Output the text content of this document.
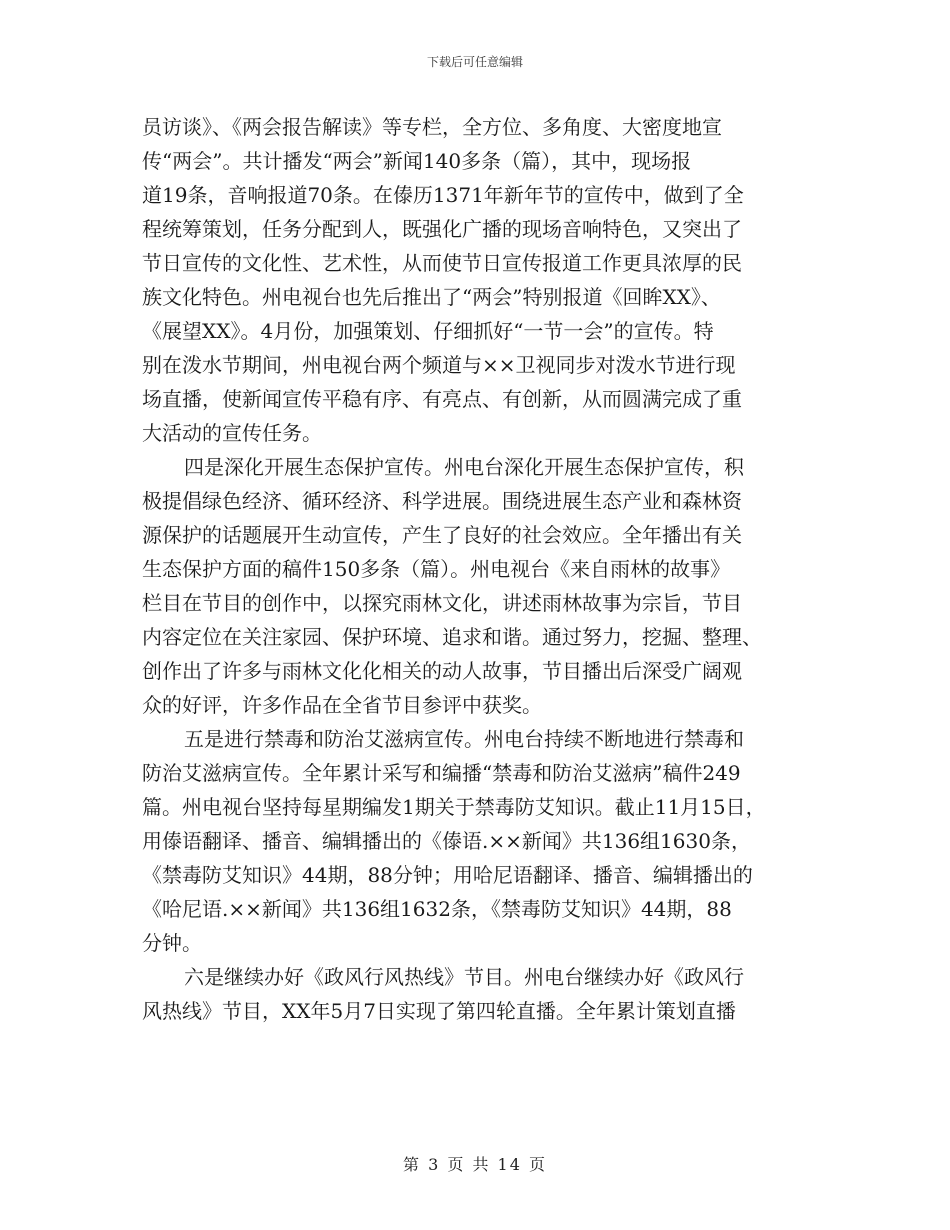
下载后可任意编辑
员访谈》、《两会报告解读》等专栏，全方位、多角度、大密度地宣
传“两会”。共计播发“两会”新闻140多条（篇），其中，现场报
道19条，音响报道70条。在傣历1371年新年节的宣传中，做到了全
程统筹策划，任务分配到人，既强化广播的现场音响特色，又突出了
节日宣传的文化性、艺术性，从而使节日宣传报道工作更具浓厚的民
族文化特色。州电视台也先后推出了“两会”特别报道《回眸XX》、
《展望XX》。4月份，加强策划、仔细抓好“一节一会”的宣传。特
别在泼水节期间，州电视台两个频道与××卫视同步对泼水节进行现
场直播，使新闻宣传平稳有序、有亮点、有创新，从而圆满完成了重
大活动的宣传任务。
四是深化开展生态保护宣传。州电台深化开展生态保护宣传，积
极提倡绿色经济、循环经济、科学进展。围绕进展生态产业和森林资
源保护的话题展开生动宣传，产生了良好的社会效应。全年播出有关
生态保护方面的稿件150多条（篇）。州电视台《来自雨林的故事》
栏目在节目的创作中，以探究雨林文化，讲述雨林故事为宗旨，节目
内容定位在关注家园、保护环境、追求和谐。通过努力，挖掘、整理、
创作出了许多与雨林文化化相关的动人故事，节目播出后深受广阔观
众的好评，许多作品在全省节目参评中获奖。
五是进行禁毒和防治艾滋病宣传。州电台持续不断地进行禁毒和
防治艾滋病宣传。全年累计采写和编播“禁毒和防治艾滋病”稿件249
篇。州电视台坚持每星期编发1期关于禁毒防艾知识。截止11月15日，
用傣语翻译、播音、编辑播出的《傣语.××新闻》共136组1630条，
《禁毒防艾知识》44期，88分钟；用哈尼语翻译、播音、编辑播出的
《哈尼语.××新闻》共136组1632条，《禁毒防艾知识》44期，88
分钟。
六是继续办好《政风行风热线》节目。州电台继续办好《政风行
风热线》节目，XX年5月7日实现了第四轮直播。全年累计策划直播
第 3 页 共 14 页
